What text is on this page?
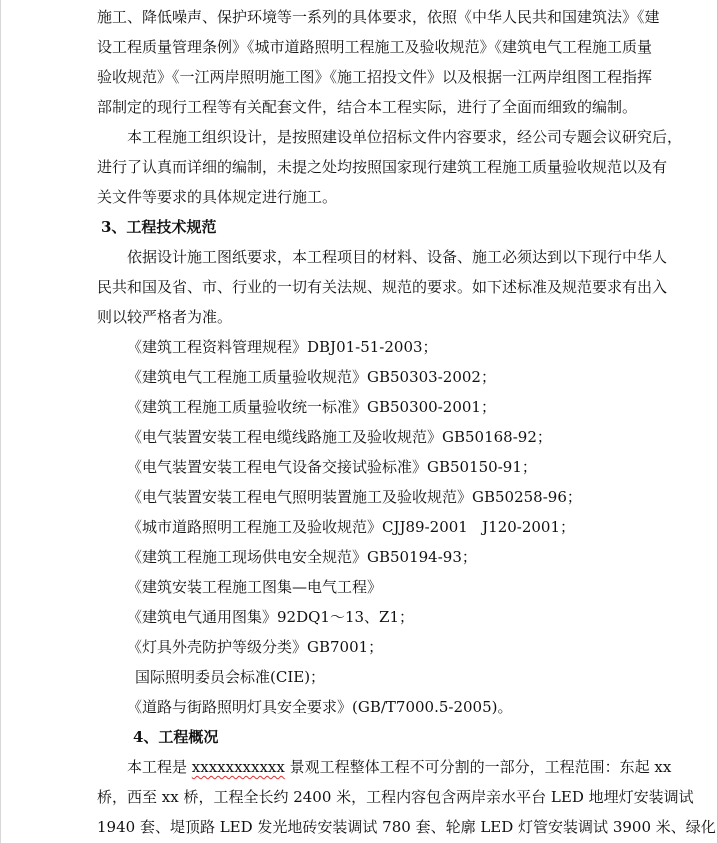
施工、降低噪声、保护环境等一系列的具体要求，依照《中华人民共和国建筑法》《建
设工程质量管理条例》《城市道路照明工程施工及验收规范》《建筑电气工程施工质量
验收规范》《一江两岸照明施工图》《施工招投文件》以及根据一江两岸组图工程指挥
部制定的现行工程等有关配套文件，结合本工程实际，进行了全面而细致的编制。
本工程施工组织设计，是按照建设单位招标文件内容要求，经公司专题会议研究后，
进行了认真而详细的编制，未提之处均按照国家现行建筑工程施工质量验收规范以及有
关文件等要求的具体规定进行施工。
3、工程技术规范
依据设计施工图纸要求，本工程项目的材料、设备、施工必须达到以下现行中华人
民共和国及省、市、行业的一切有关法规、规范的要求。如下述标准及规范要求有出入
则以较严格者为准。
《建筑工程资料管理规程》DBJ01-51-2003；
《建筑电气工程施工质量验收规范》GB50303-2002；
《建筑工程施工质量验收统一标准》GB50300-2001；
《电气装置安装工程电缆线路施工及验收规范》GB50168-92；
《电气装置安装工程电气设备交接试验标准》GB50150-91；
《电气装置安装工程电气照明装置施工及验收规范》GB50258-96；
《城市道路照明工程施工及验收规范》CJJ89-2001   J120-2001；
《建筑工程施工现场供电安全规范》GB50194-93；
《建筑安装工程施工图集—电气工程》
《建筑电气通用图集》92DQ1～13、Z1；
《灯具外壳防护等级分类》GB7001；
国际照明委员会标准(CIE)；
《道路与街路照明灯具安全要求》(GB/T7000.5-2005)。
4、工程概况
本工程是 xxxxxxxxxxx 景观工程整体工程不可分割的一部分，工程范围：东起 xx
桥，西至 xx 桥，工程全长约 2400 米，工程内容包含两岸亲水平台 LED 地埋灯安装调试
1940 套、堤顶路 LED 发光地砖安装调试 780 套、轮廓 LED 灯管安装调试 3900 米、绿化
